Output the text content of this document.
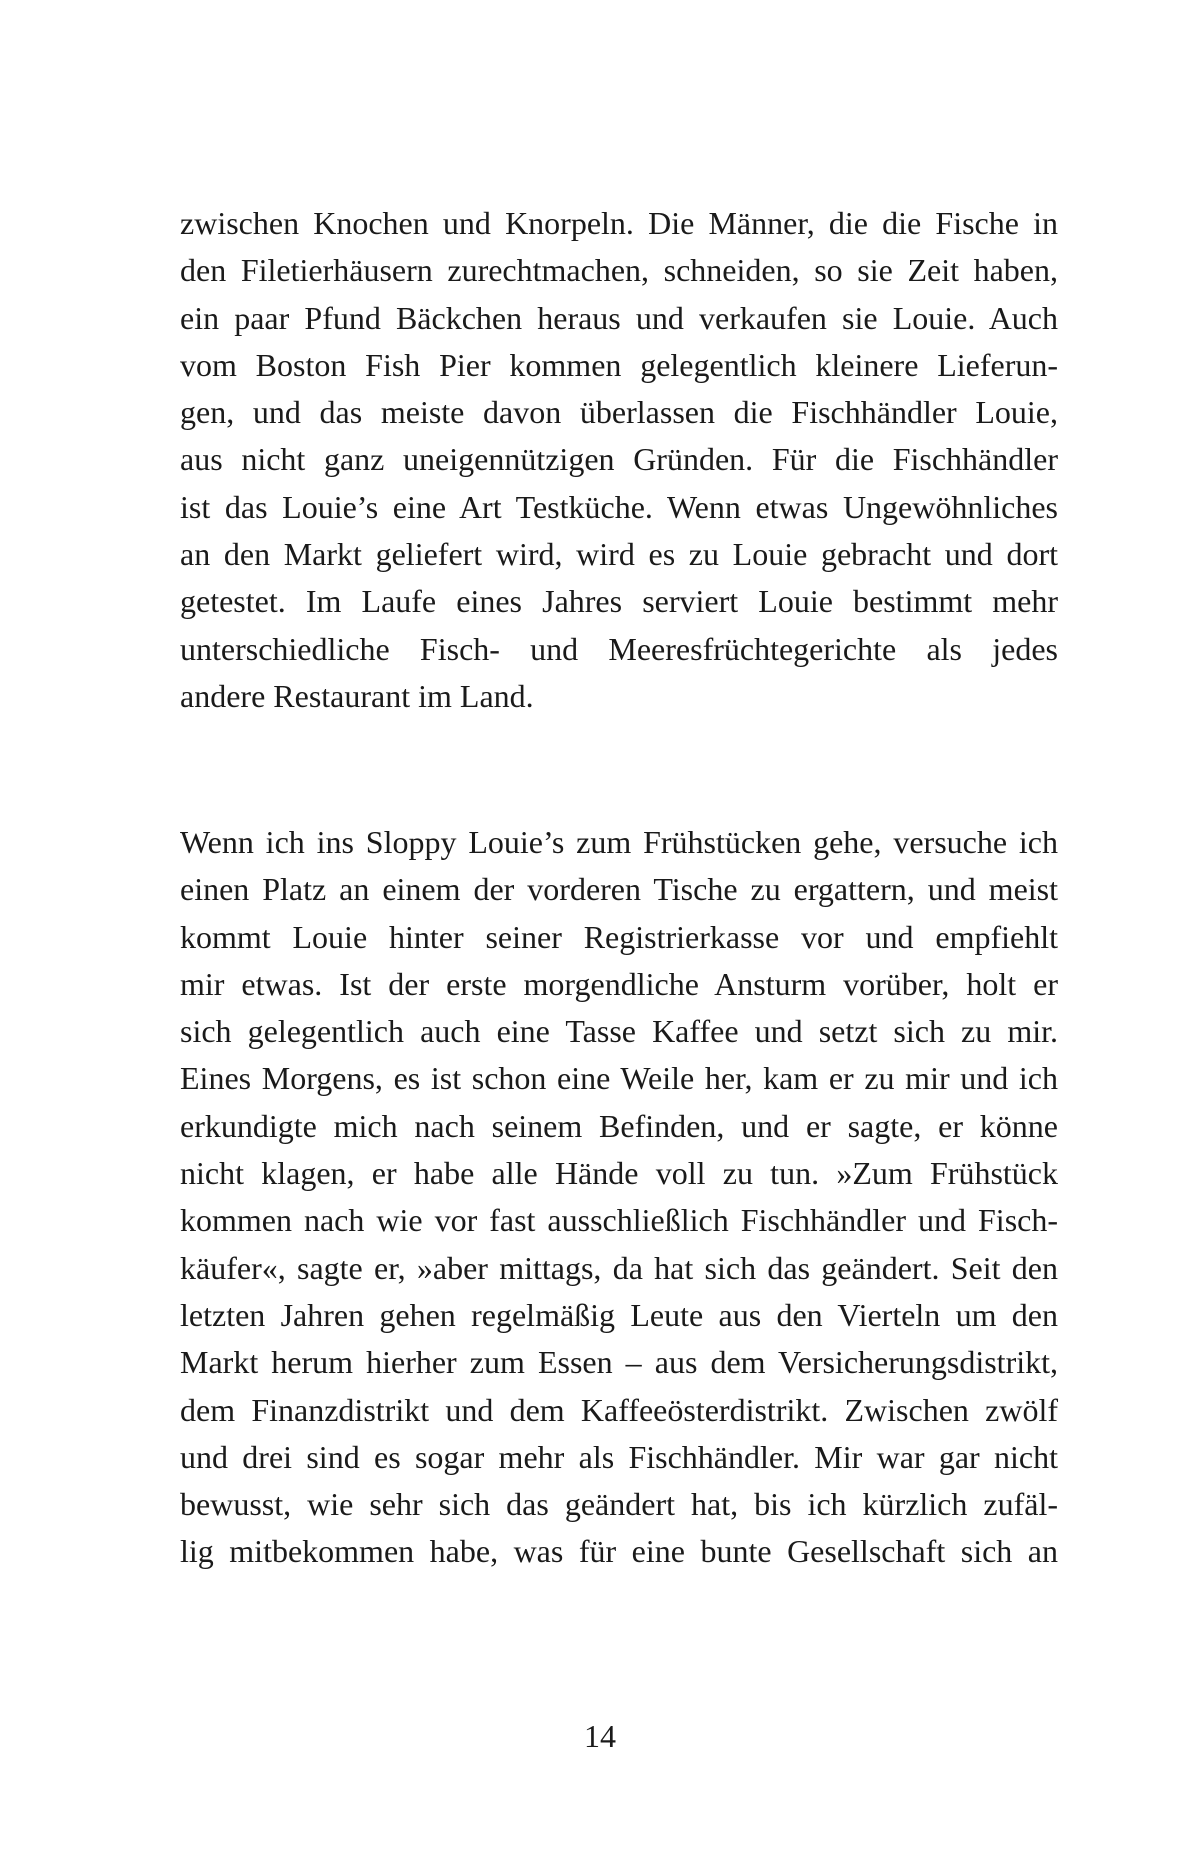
zwischen Knochen und Knorpeln. Die Männer, die die Fische in
den Filetierhäusern zurechtmachen, schneiden, so sie Zeit haben,
ein paar Pfund Bäckchen heraus und verkaufen sie Louie. Auch
vom Boston Fish Pier kommen gelegentlich kleinere Lieferun-
gen, und das meiste davon überlassen die Fischhändler Louie,
aus nicht ganz uneigennützigen Gründen. Für die Fischhändler
ist das Louie’s eine Art Testküche. Wenn etwas Ungewöhnliches
an den Markt geliefert wird, wird es zu Louie gebracht und dort
getestet. Im Laufe eines Jahres serviert Louie bestimmt mehr
unterschiedliche Fisch- und Meeresfrüchtegerichte als jedes
andere Restaurant im Land.

Wenn ich ins Sloppy Louie’s zum Frühstücken gehe, versuche ich
einen Platz an einem der vorderen Tische zu ergattern, und meist
kommt Louie hinter seiner Registrierkasse vor und empfiehlt
mir etwas. Ist der erste morgendliche Ansturm vorüber, holt er
sich gelegentlich auch eine Tasse Kaffee und setzt sich zu mir.
Eines Morgens, es ist schon eine Weile her, kam er zu mir und ich
erkundigte mich nach seinem Befinden, und er sagte, er könne
nicht klagen, er habe alle Hände voll zu tun. »Zum Frühstück
kommen nach wie vor fast ausschließlich Fischhändler und Fisch-
käufer«, sagte er, »aber mittags, da hat sich das geändert. Seit den
letzten Jahren gehen regelmäßig Leute aus den Vierteln um den
Markt herum hierher zum Essen – aus dem Versicherungsdistrikt,
dem Finanzdistrikt und dem Kaffeeösterdistrikt. Zwischen zwölf
und drei sind es sogar mehr als Fischhändler. Mir war gar nicht
bewusst, wie sehr sich das geändert hat, bis ich kürzlich zufäl-
lig mitbekommen habe, was für eine bunte Gesellschaft sich an

14
